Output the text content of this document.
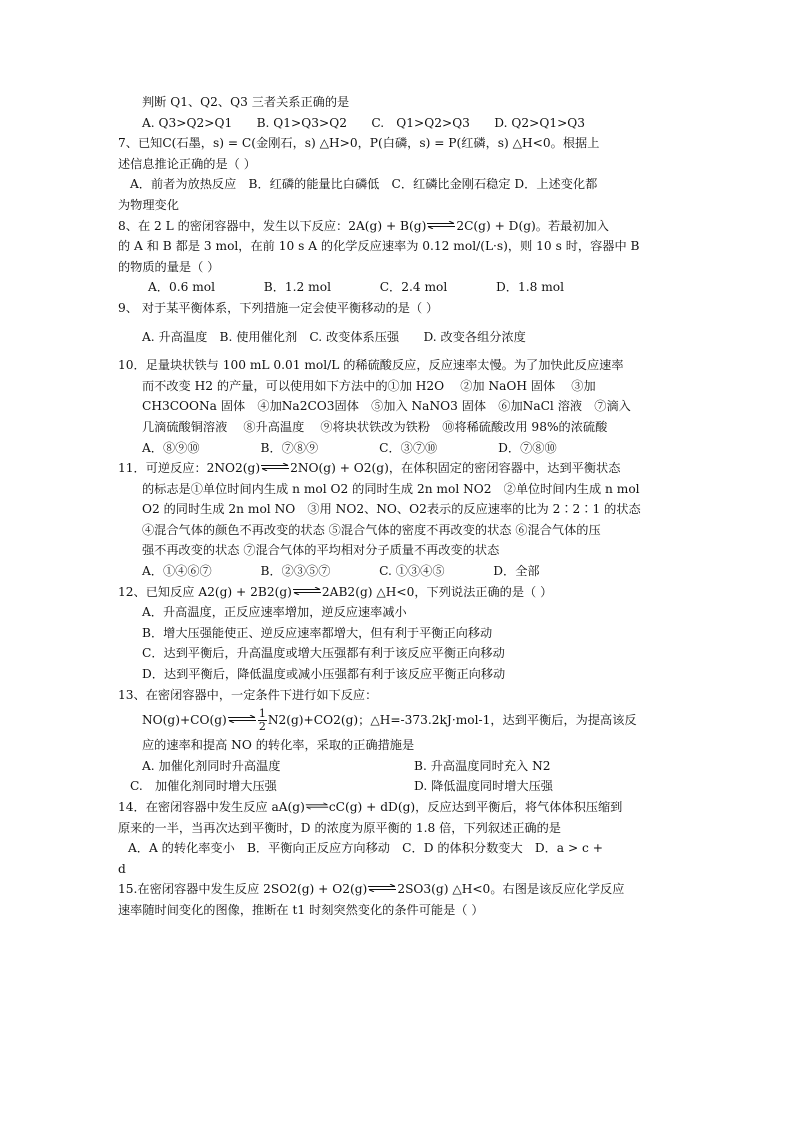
判断 Q1、Q2、Q3 三者关系正确的是
A. Q3>Q2>Q1　　B. Q1>Q3>Q2　　C.　Q1>Q2>Q3　　D. Q2>Q1>Q3
7、已知C(石墨，s) = C(金刚石，s) △H>0，P(白磷，s) = P(红磷，s) △H<0。根据上
述信息推论正确的是（ ）
A．前者为放热反应　B．红磷的能量比白磷低　C．红磷比金刚石稳定 D．上述变化都
为物理变化
8、在 2 L 的密闭容器中，发生以下反应：2A(g) + B(g) 2C(g) + D(g)。若最初加入
的 A 和 B 都是 3 mol，在前 10 s A 的化学反应速率为 0.12 mol/(L·s)，则 10 s 时，容器中 B
的物质的量是（ ）
A．0.6 mol　　　　B．1.2 mol　　　　C．2.4 mol　　　　D．1.8 mol
9、 对于某平衡体系，下列措施一定会使平衡移动的是（ ）
A. 升高温度　B. 使用催化剂　C. 改变体系压强　　D. 改变各组分浓度
10．足量块状铁与 100 mL 0.01 mol/L 的稀硫酸反应，反应速率太慢。为了加快此反应速率
而不改变 H2 的产量，可以使用如下方法中的①加 H2O　 ②加 NaOH 固体　 ③加
CH3COONa 固体　④加Na2CO3固体　⑤加入 NaNO3 固体　⑥加NaCl 溶液　⑦滴入
几滴硫酸铜溶液　 ⑧升高温度　 ⑨将块状铁改为铁粉　⑩将稀硫酸改用 98%的浓硫酸
A．⑧⑨⑩　　　　　B．⑦⑧⑨　　　　　C．③⑦⑩　　　　　D．⑦⑧⑩
11．可逆反应：2NO2(g) 2NO(g) + O2(g)，在体积固定的密闭容器中，达到平衡状态
的标志是①单位时间内生成 n mol O2 的同时生成 2n mol NO2　②单位时间内生成 n mol
O2 的同时生成 2n mol NO　③用 NO2、NO、O2表示的反应速率的比为 2∶2∶1 的状态
④混合气体的颜色不再改变的状态 ⑤混合气体的密度不再改变的状态 ⑥混合气体的压
强不再改变的状态 ⑦混合气体的平均相对分子质量不再改变的状态
A．①④⑥⑦　　　　B．②③⑤⑦　　　　C. ①③④⑤　　　　D．全部
12、已知反应 A2(g) + 2B2(g) 2AB2(g) △H<0，下列说法正确的是（ ）
A．升高温度，正反应速率增加，逆反应速率减小
B．增大压强能使正、逆反应速率都增大，但有利于平衡正向移动
C．达到平衡后，升高温度或增大压强都有利于该反应平衡正向移动
D．达到平衡后，降低温度或减小压强都有利于该反应平衡正向移动
13、在密闭容器中，一定条件下进行如下反应：
NO(g)+CO(g)	$\frac{1}{2} N2(g)+CO2(g)$；△H=-373.2kJ·mol-1，达到平衡后，为提高该反
应的速率和提高 NO 的转化率，采取的正确措施是
A. 加催化剂同时升高温度	B. 升高温度同时充入 N2
C.　加催化剂同时增大压强	D. 降低温度同时增大压强
14．在密闭容器中发生反应 aA(g) cC(g) + dD(g)，反应达到平衡后，将气体体积压缩到
原来的一半，当再次达到平衡时，D 的浓度为原平衡的 1.8 倍，下列叙述正确的是
A．A 的转化率变小　B．平衡向正反应方向移动　C．D 的体积分数变大　D．a > c +
d
15.在密闭容器中发生反应 2SO2(g) + O2(g) 2SO3(g) △H<0。右图是该反应化学反应
速率随时间变化的图像，推断在 t1 时刻突然变化的条件可能是（ ）
